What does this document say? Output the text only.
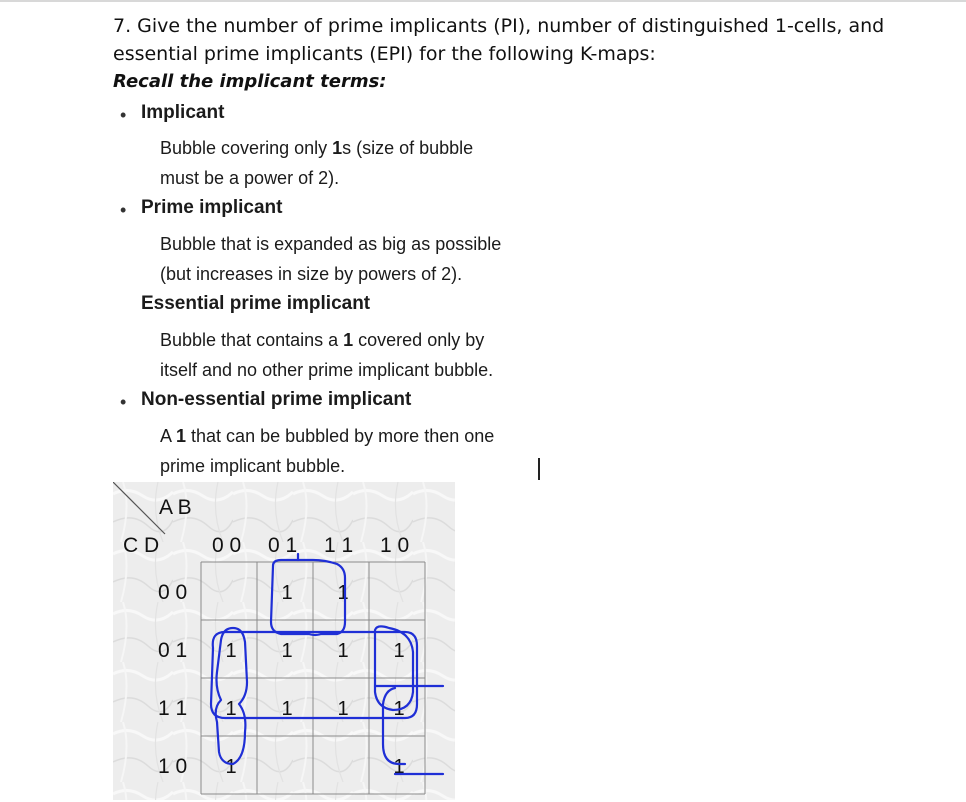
7. Give the number of prime implicants (PI), number of distinguished 1-cells, and
essential prime implicants (EPI) for the following K-maps:
Recall the implicant terms:
• Implicant
Bubble covering only 1s (size of bubble
must be a power of 2).
• Prime implicant
Bubble that is expanded as big as possible
(but increases in size by powers of 2).
Essential prime implicant
Bubble that contains a 1 covered only by
itself and no other prime implicant bubble.
• Non-essential prime implicant
A 1 that can be bubbled by more then one
prime implicant bubble.
A B
C D	0 0 0 1 1 1 1 0
0 0
0 1
1 1
1 0
1 1
1 1 1 1
1 1 1 1
1	1
